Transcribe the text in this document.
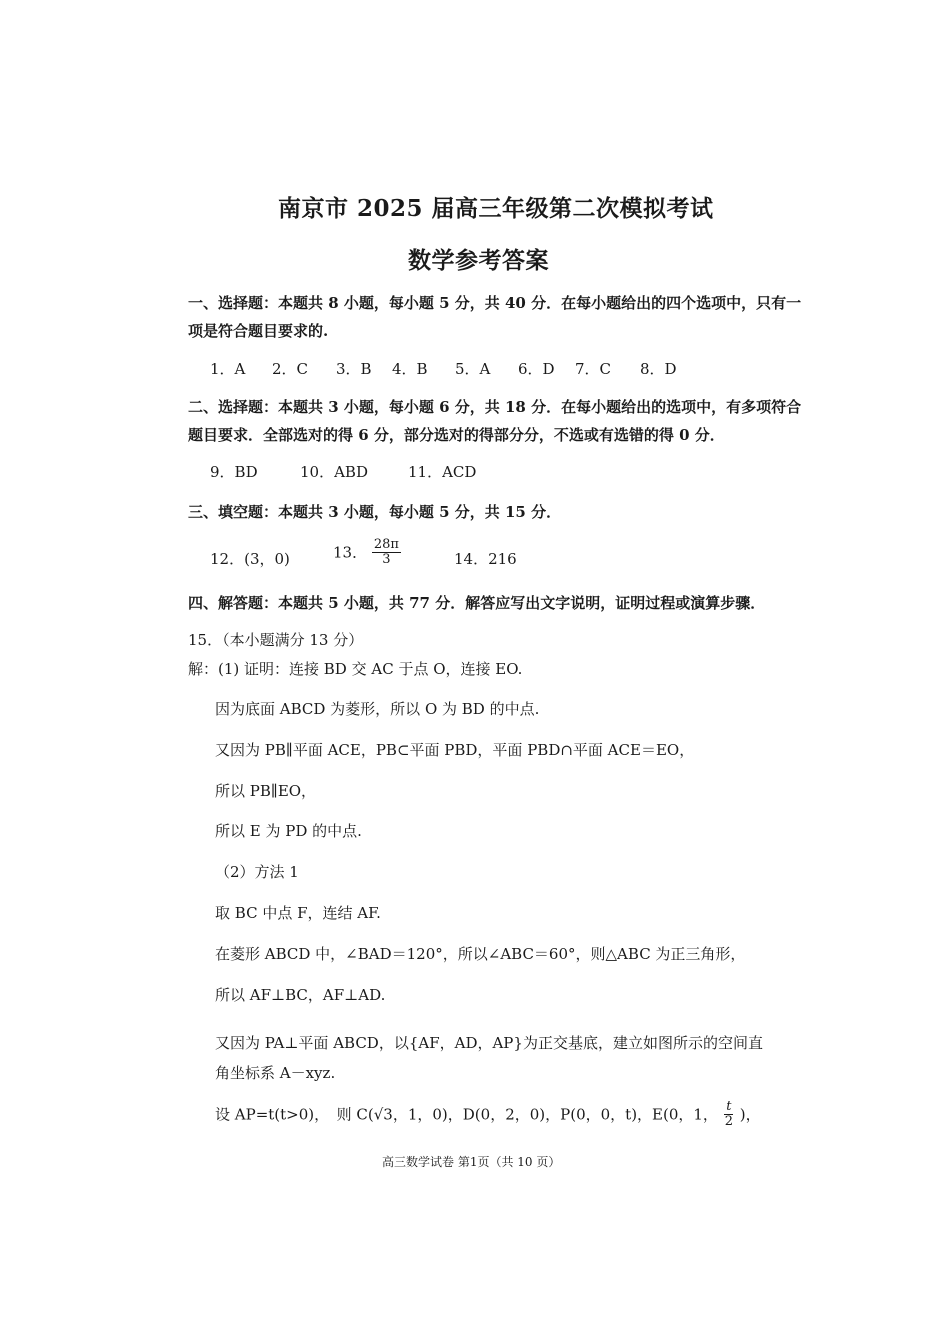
南京市 2025 届高三年级第二次模拟考试
数学参考答案
一、选择题：本题共 8 小题，每小题 5 分，共 40 分．在每小题给出的四个选项中，只有一
项是符合题目要求的.
1．A 2．C 3．B 4．B 5．A 6．D 7．C 8．D
二、选择题：本题共 3 小题，每小题 6 分，共 18 分．在每小题给出的选项中，有多项符合
题目要求．全部选对的得 6 分，部分选对的得部分分，不选或有选错的得 0 分．
9．BD	10．ABD	11．ACD
三、填空题：本题共 3 小题，每小题 5 分，共 15 分．
12．(3，0)	13． $\frac{28\pi}{3}$	14．216
四、解答题：本题共 5 小题，共 77 分．解答应写出文字说明，证明过程或演算步骤．
15．（本小题满分 13 分）
解：(1) 证明：连接 BD 交 AC 于点 O，连接 EO.
因为底面 ABCD 为菱形，所以 O 为 BD 的中点.
又因为 PB∥平面 ACE，PB⊂平面 PBD，平面 PBD∩平面 ACE＝EO，
所以 PB∥EO，
所以 E 为 PD 的中点.
（2）方法 1
取 BC 中点 F，连结 AF.
在菱形 ABCD 中，∠BAD＝120°，所以∠ABC＝60°，则△ABC 为正三角形，
所以 AF⊥BC，AF⊥AD.
又因为 PA⊥平面 ABCD，以{AF，AD，AP}为正交基底，建立如图所示的空间直
角坐标系 A－xyz.
设 AP=t(t>0)，　则 C(√3，1，0)，D(0，2，0)，P(0，0，t)，E(0，1， $\frac{t}{2}$ )，
高三数学试卷 第1页（共 10 页）
